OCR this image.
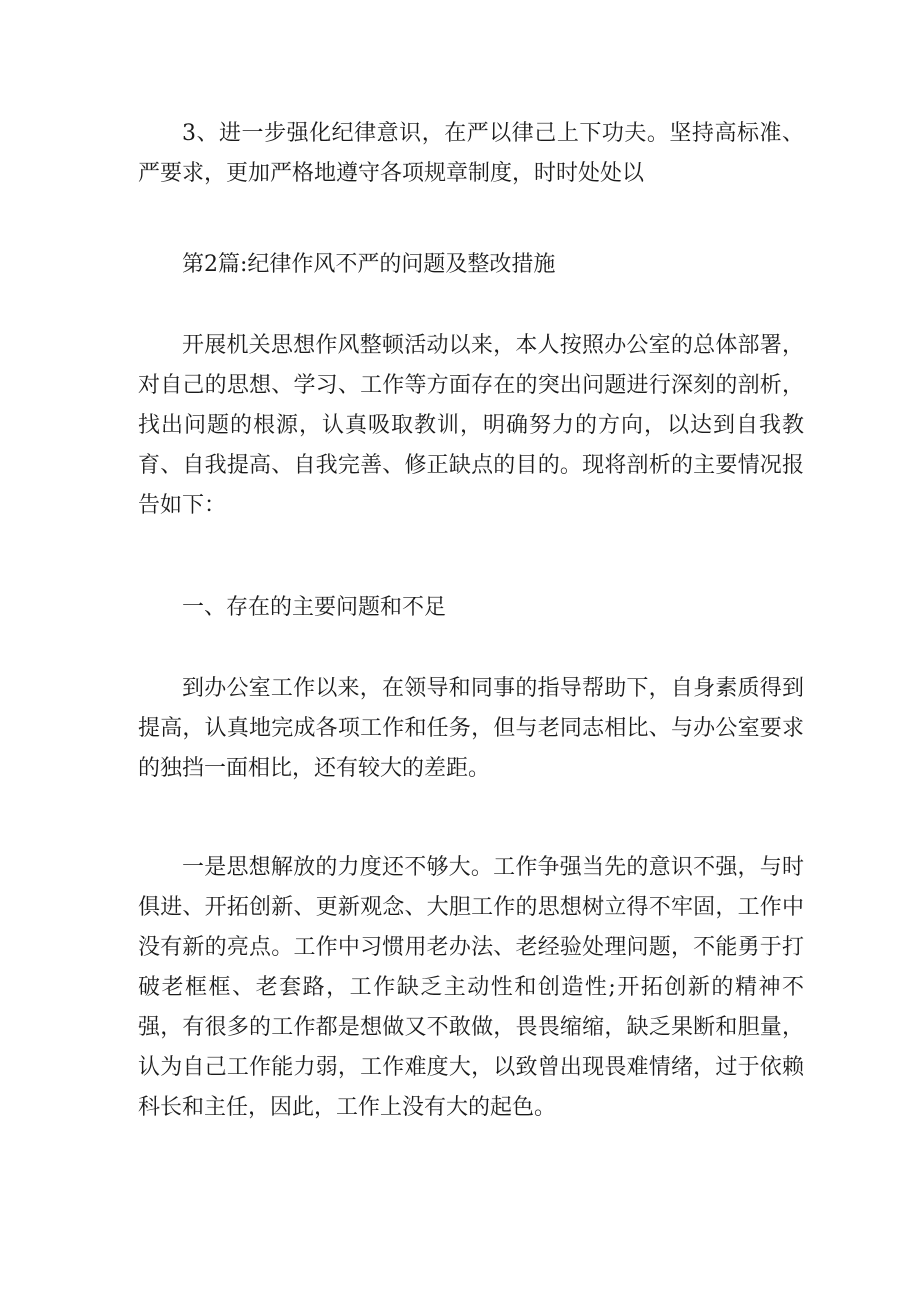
3、进一步强化纪律意识，在严以律己上下功夫。坚持高标准、严要求，更加严格地遵守各项规章制度，时时处处以

第2篇:纪律作风不严的问题及整改措施

开展机关思想作风整顿活动以来，本人按照办公室的总体部署，对自己的思想、学习、工作等方面存在的突出问题进行深刻的剖析，找出问题的根源，认真吸取教训，明确努力的方向，以达到自我教育、自我提高、自我完善、修正缺点的目的。现将剖析的主要情况报告如下：

一、存在的主要问题和不足

到办公室工作以来，在领导和同事的指导帮助下，自身素质得到提高，认真地完成各项工作和任务，但与老同志相比、与办公室要求的独挡一面相比，还有较大的差距。

一是思想解放的力度还不够大。工作争强当先的意识不强，与时俱进、开拓创新、更新观念、大胆工作的思想树立得不牢固，工作中没有新的亮点。工作中习惯用老办法、老经验处理问题，不能勇于打破老框框、老套路，工作缺乏主动性和创造性;开拓创新的精神不强，有很多的工作都是想做又不敢做，畏畏缩缩，缺乏果断和胆量，认为自己工作能力弱，工作难度大，以致曾出现畏难情绪，过于依赖科长和主任，因此，工作上没有大的起色。
